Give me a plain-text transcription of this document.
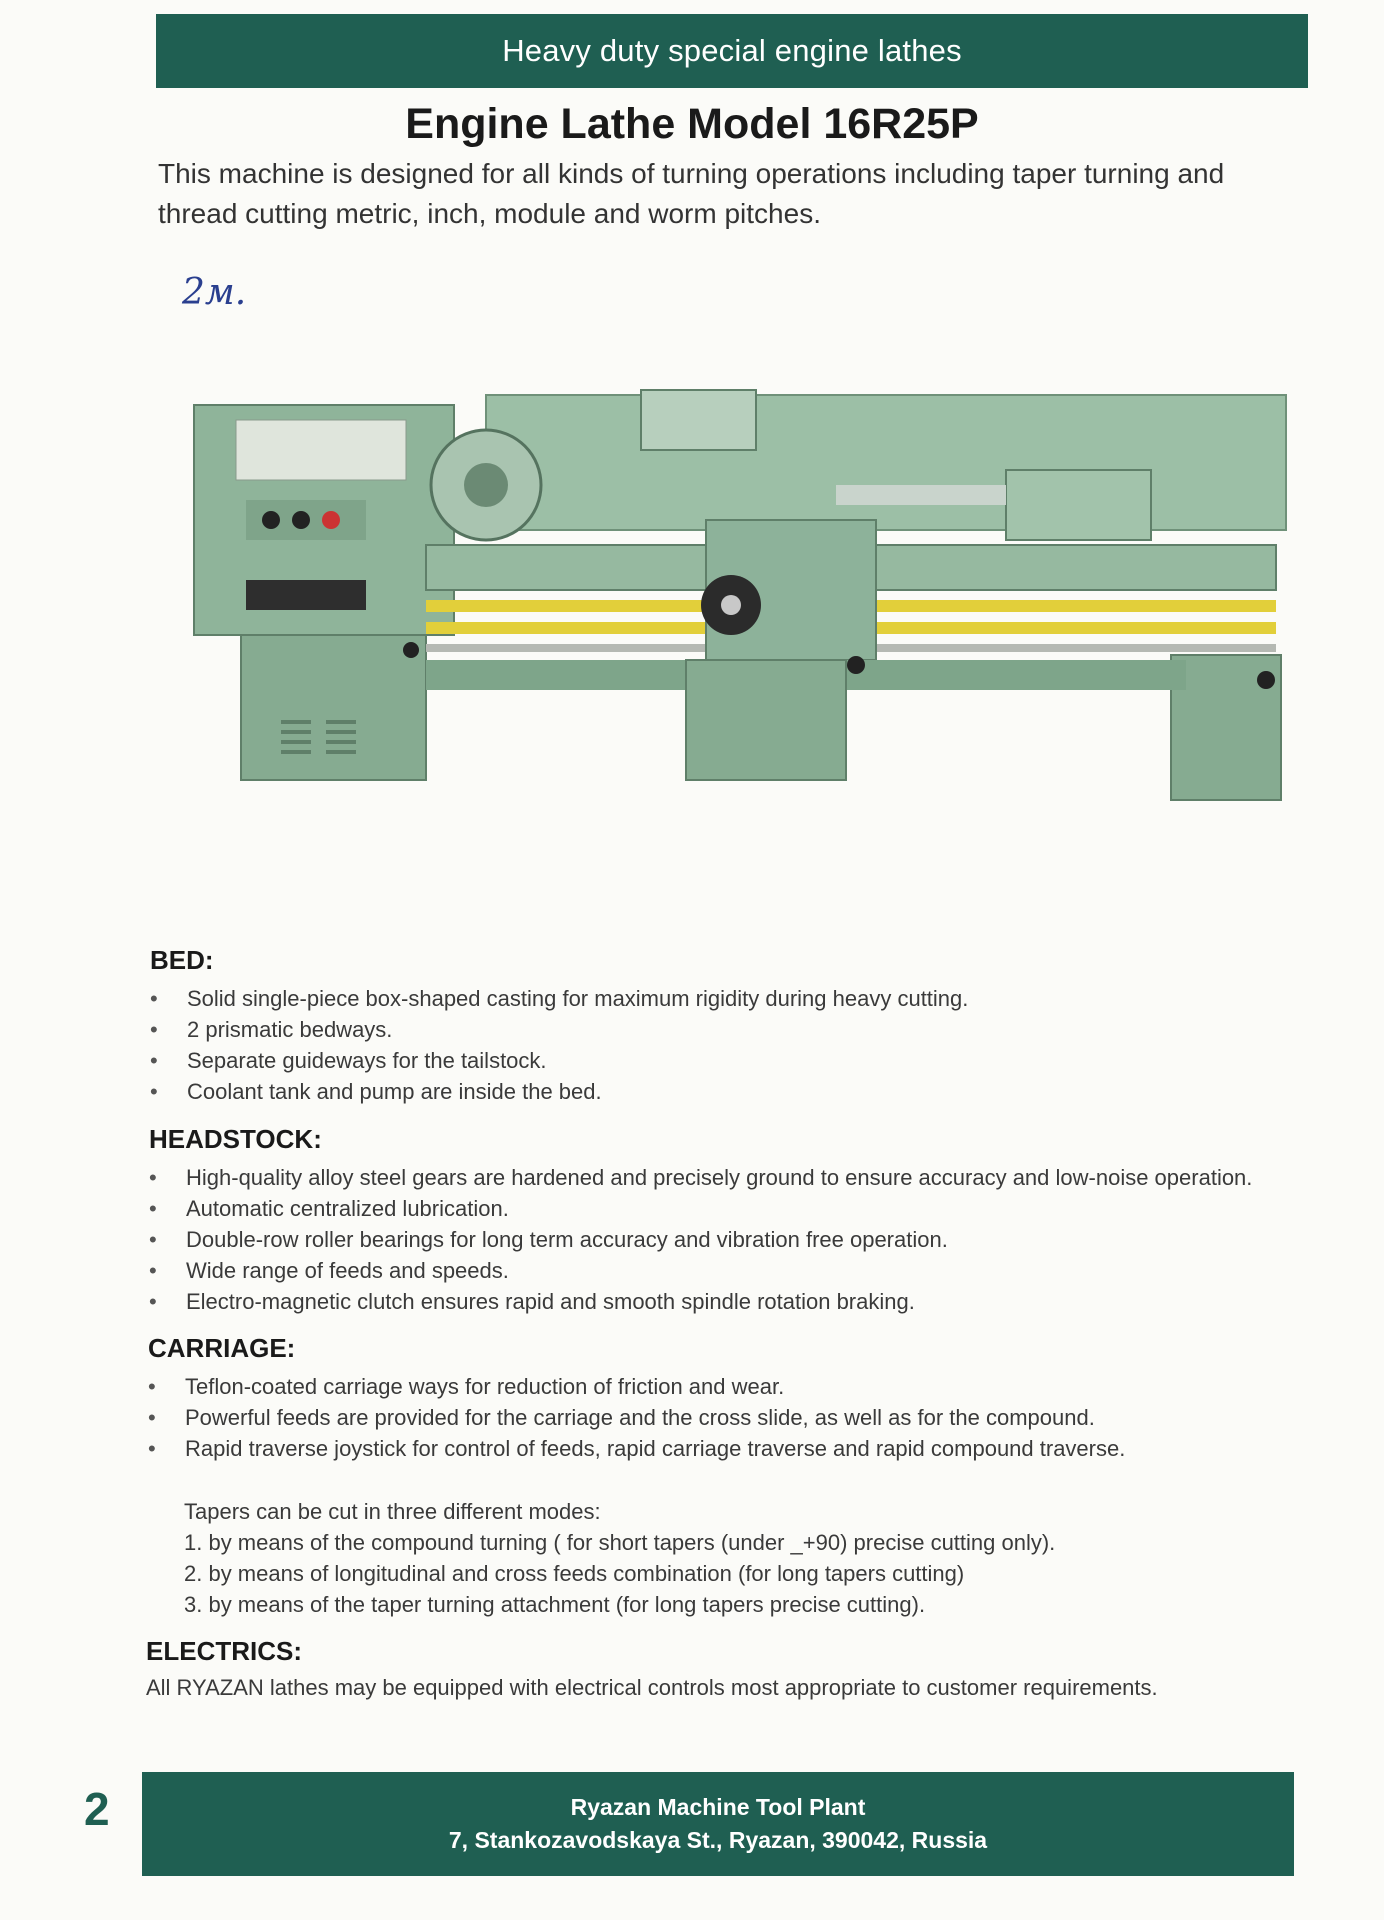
Heavy duty special engine lathes
Engine Lathe Model 16R25P

This machine is designed for all kinds of turning operations including taper turning and thread cutting metric, inch, module and worm pitches.

2м.
BED:
• Solid single-piece box-shaped casting for maximum rigidity during heavy cutting.
• 2 prismatic bedways.
• Separate guideways for the tailstock.
• Coolant tank and pump are inside the bed.
HEADSTOCK:
• High-quality alloy steel gears are hardened and precisely ground to ensure accuracy and low-noise operation.
• Automatic centralized lubrication.
• Double-row roller bearings for long term accuracy and vibration free operation.
• Wide range of feeds and speeds.
• Electro-magnetic clutch ensures rapid and smooth spindle rotation braking.
CARRIAGE:
• Teflon-coated carriage ways for reduction of friction and wear.
• Powerful feeds are provided for the carriage and the cross slide, as well as for the compound.
• Rapid traverse joystick for control of feeds, rapid carriage traverse and rapid compound traverse.
Tapers can be cut in three different modes:
1. by means of the compound turning ( for short tapers (under _+90) precise cutting only).
2. by means of longitudinal and cross feeds combination (for long tapers cutting)
3. by means of the taper turning attachment (for long tapers precise cutting).
ELECTRICS:

All RYAZAN lathes may be equipped with electrical controls most appropriate to customer requirements.

2	Ryazan Machine Tool Plant
7, Stankozavodskaya St., Ryazan, 390042, Russia
